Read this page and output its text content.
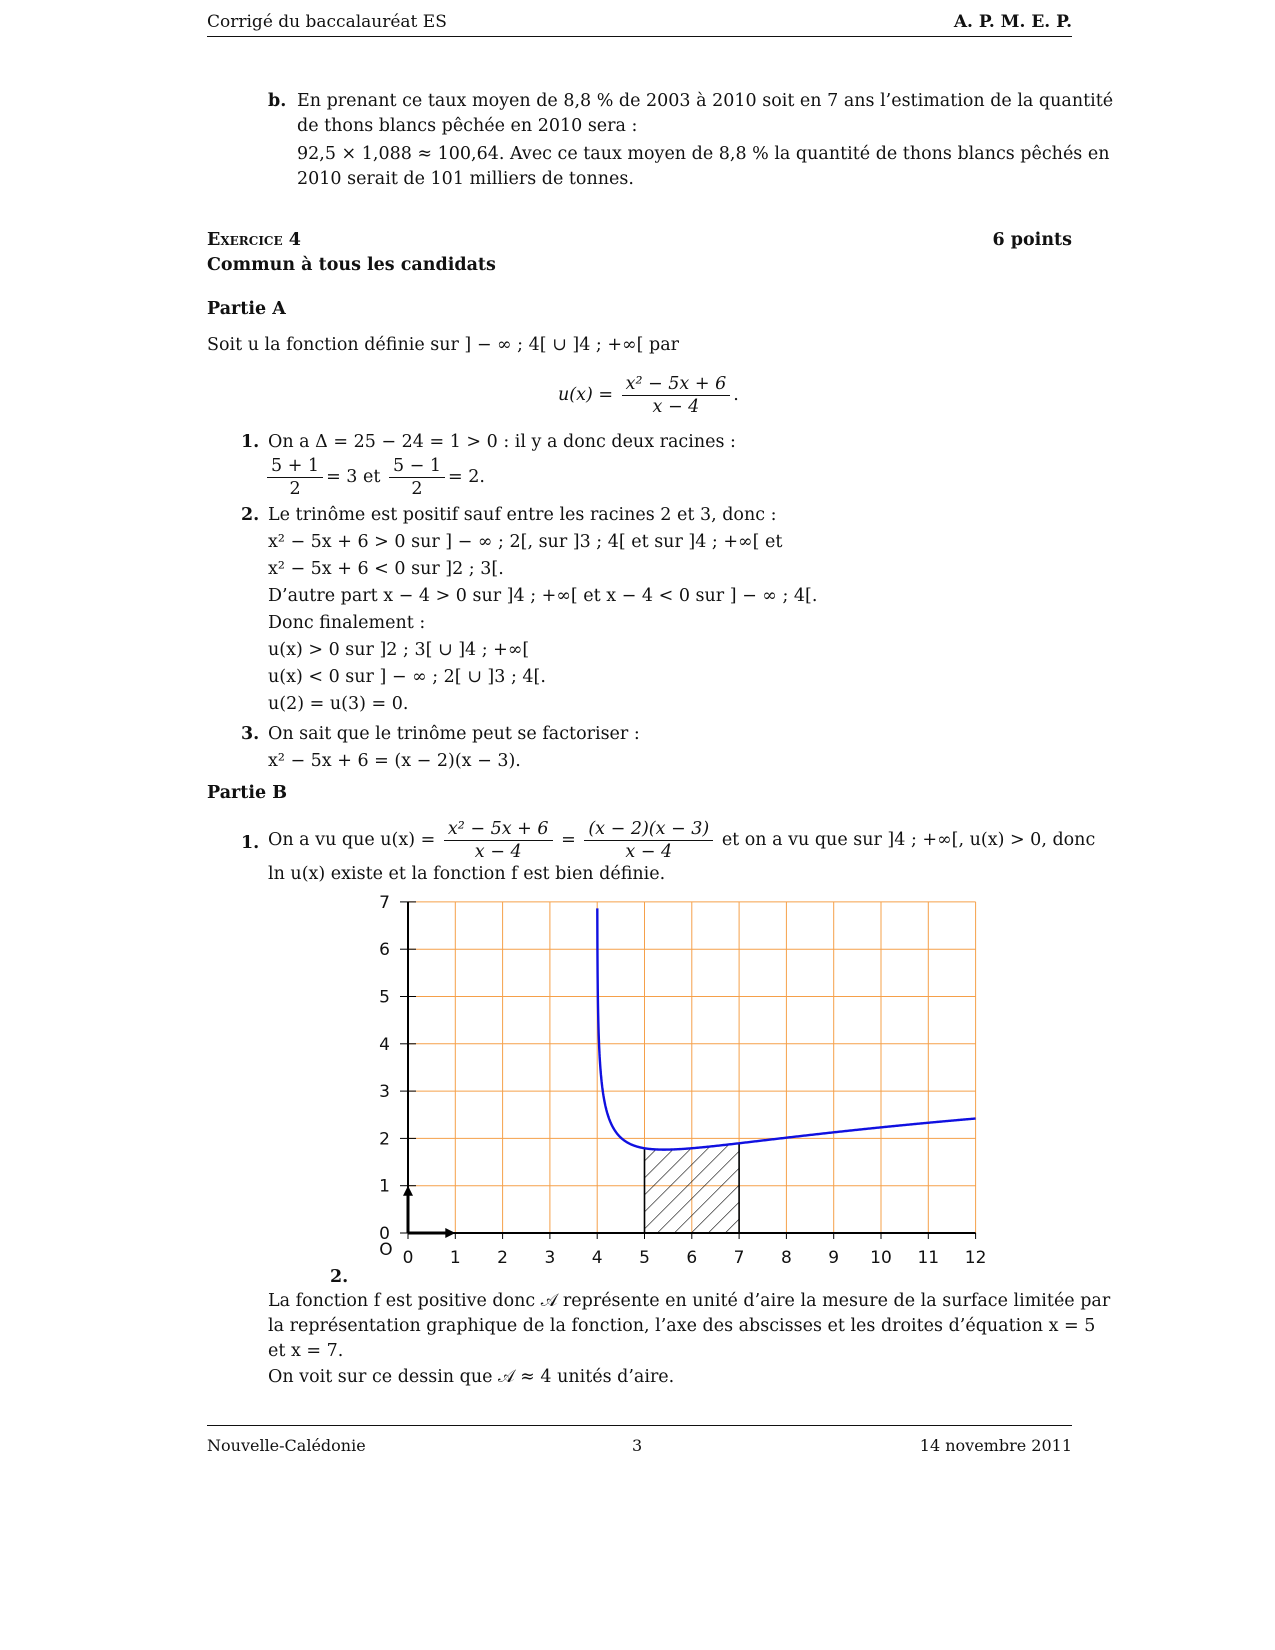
Corrigé du baccalauréat ES	A. P. M. E. P.
b. En prenant ce taux moyen de 8,8 % de 2003 à 2010 soit en 7 ans l’estimation de la quantité
de thons blancs pêchée en 2010 sera :
92,5 × 1,088 ≈ 100,64. Avec ce taux moyen de 8,8 % la quantité de thons blancs pêchés en
2010 serait de 101 milliers de tonnes.
Exercice 4	6 points
Commun à tous les candidats
Partie A
Soit u la fonction définie sur ] − ∞ ; 4[ ∪ ]4 ; +∞[ par
$u(x) = \frac{\text{x² − 5x + 6}}{x - 4}$ .
1. On a Δ = 25 − 24 = 1 > 0 : il y a donc deux racines :
$\frac{5 + 1}{2} = 3$ et $\frac{5 - 1}{2} = 2$.
2. Le trinôme est positif sauf entre les racines 2 et 3, donc :
x² − 5x + 6 > 0 sur ] − ∞ ; 2[, sur ]3 ; 4[ et sur ]4 ; +∞[ et
x² − 5x + 6 < 0 sur ]2 ; 3[.
D’autre part x − 4 > 0 sur ]4 ; +∞[ et x − 4 < 0 sur ] − ∞ ; 4[.
Donc finalement :
u(x) > 0 sur ]2 ; 3[ ∪ ]4 ; +∞[
u(x) < 0 sur ] − ∞ ; 2[ ∪ ]3 ; 4[.
u(2) = u(3) = 0.
3. On sait que le trinôme peut se factoriser :
x² − 5x + 6 = (x − 2)(x − 3).
Partie B
1. On a vu que $u(x) = \frac{\text{x² − 5x + 6}}{x - 4} = \frac{(x - 2)(x - 3)}{x - 4}$ et on a vu que sur ]4 ; +∞[, u(x) > 0, donc
ln u(x) existe et la fonction f est bien définie.
0 1 2 3 4 5 6 7 8 9 10 11 12
0
1
2
3
4
5
6
7
O
2.
La fonction f est positive donc 𝒜 représente en unité d’aire la mesure de la surface limitée par
la représentation graphique de la fonction, l’axe des abscisses et les droites d’équation x = 5
et x = 7.
On voit sur ce dessin que 𝒜 ≈ 4 unités d’aire.
Nouvelle-Calédonie	3	14 novembre 2011
